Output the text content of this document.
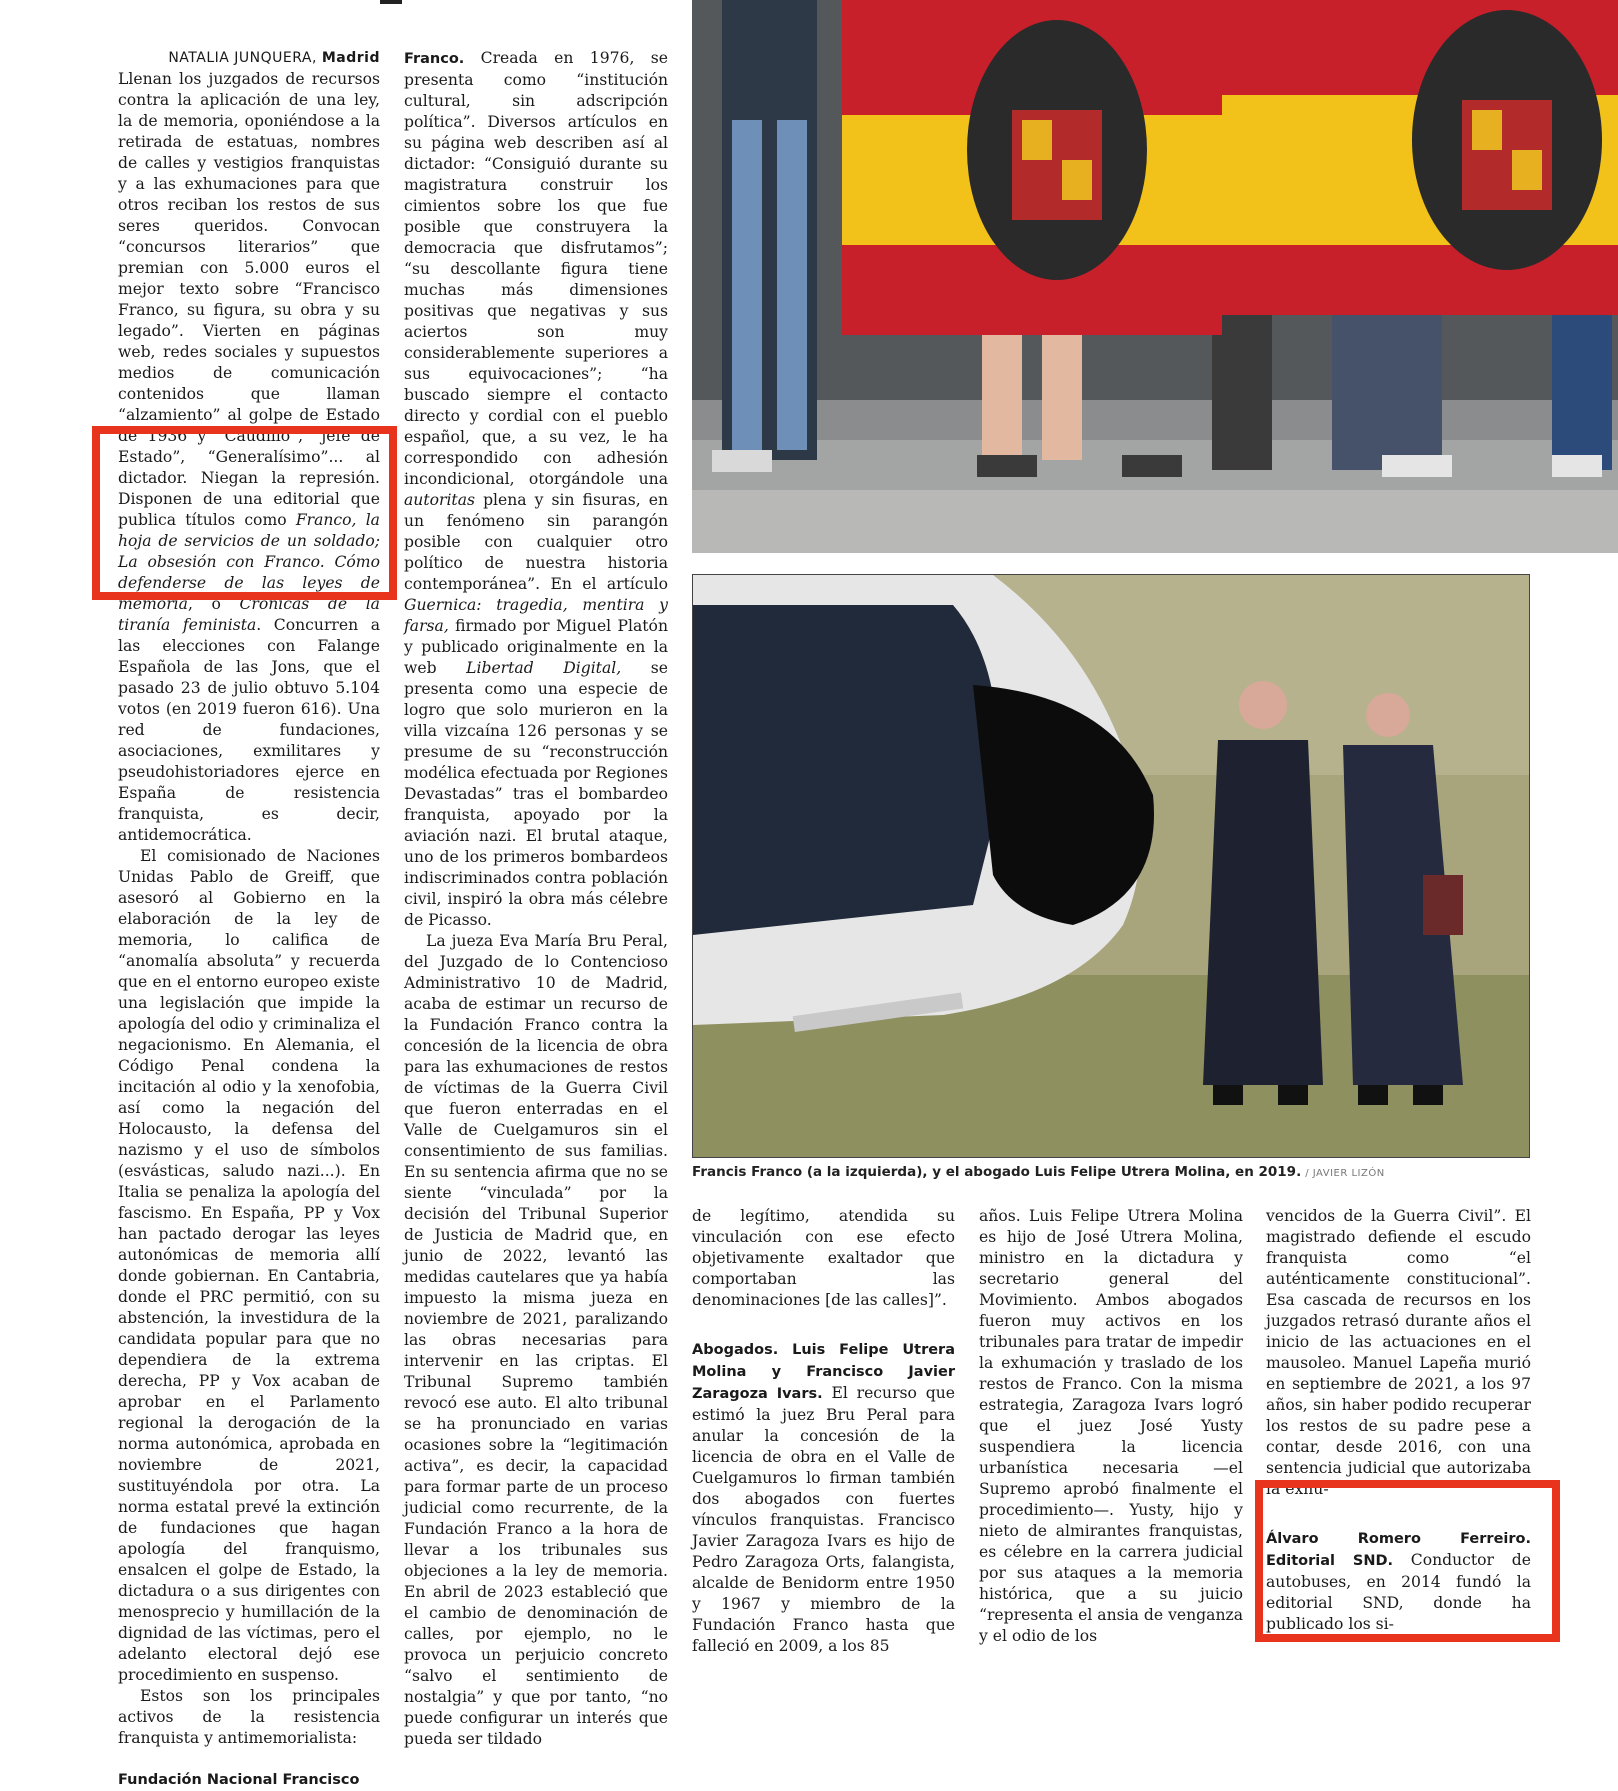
NATALIA JUNQUERA, Madrid

Llenan los juzgados de recursos contra la aplicación de una ley, la de memoria, oponiéndose a la retirada de estatuas, nombres de calles y vestigios franquistas y a las exhumaciones para que otros reciban los restos de sus seres queridos. Convocan “concursos literarios” que premian con 5.000 euros el mejor texto sobre “Francisco Franco, su figura, su obra y su legado”. Vierten en páginas web, redes sociales y supuestos medios de comunicación contenidos que llaman “alzamiento” al golpe de Estado de 1936 y “Caudillo”, “jefe de Estado”, “Generalísimo”... al dictador. Niegan la represión. Disponen de una editorial que publica títulos como Franco, la hoja de servicios de un soldado; La obsesión con Franco. Cómo defenderse de las leyes de memoria, o Crónicas de la tiranía feminista. Concurren a las elecciones con Falange Española de las Jons, que el pasado 23 de julio obtuvo 5.104 votos (en 2019 fueron 616). Una red de fundaciones, asociaciones, exmilitares y pseudohistoriadores ejerce en España de resistencia franquista, es decir, antidemocrática.

El comisionado de Naciones Unidas Pablo de Greiff, que asesoró al Gobierno en la elaboración de la ley de memoria, lo califica de “anomalía absoluta” y recuerda que en el entorno europeo existe una legislación que impide la apología del odio y criminaliza el negacionismo. En Alemania, el Código Penal condena la incitación al odio y la xenofobia, así como la negación del Holocausto, la defensa del nazismo y el uso de símbolos (esvásticas, saludo nazi...). En Italia se penaliza la apología del fascismo. En España, PP y Vox han pactado derogar las leyes autonómicas de memoria allí donde gobiernan. En Cantabria, donde el PRC permitió, con su abstención, la investidura de la candidata popular para que no dependiera de la extrema derecha, PP y Vox acaban de aprobar en el Parlamento regional la derogación de la norma autonómica, aprobada en noviembre de 2021, sustituyéndola por otra. La norma estatal prevé la extinción de fundaciones que hagan apología del franquismo, ensalcen el golpe de Estado, la dictadura o a sus dirigentes con menosprecio y humillación de la dignidad de las víctimas, pero el adelanto electoral dejó ese procedimiento en suspenso.

Estos son los principales activos de la resistencia franquista y antimemorialista:

Fundación Nacional Francisco

Franco. Creada en 1976, se presenta como “institución cultural, sin adscripción política”. Diversos artículos en su página web describen así al dictador: “Consiguió durante su magistratura construir los cimientos sobre los que fue posible que construyera la democracia que disfrutamos”; “su descollante figura tiene muchas más dimensiones positivas que negativas y sus aciertos son muy considerablemente superiores a sus equivocaciones”; “ha buscado siempre el contacto directo y cordial con el pueblo español, que, a su vez, le ha correspondido con adhesión incondicional, otorgándole una autoritas plena y sin fisuras, en un fenómeno sin parangón posible con cualquier otro político de nuestra historia contemporánea”. En el artículo Guernica: tragedia, mentira y farsa, firmado por Miguel Platón y publicado originalmente en la web Libertad Digital, se presenta como una especie de logro que solo murieron en la villa vizcaína 126 personas y se presume de su “reconstrucción modélica efectuada por Regiones Devastadas” tras el bombardeo franquista, apoyado por la aviación nazi. El brutal ataque, uno de los primeros bombardeos indiscriminados contra población civil, inspiró la obra más célebre de Picasso.

La jueza Eva María Bru Peral, del Juzgado de lo Contencioso Administrativo 10 de Madrid, acaba de estimar un recurso de la Fundación Franco contra la concesión de la licencia de obra para las exhumaciones de restos de víctimas de la Guerra Civil que fueron enterradas en el Valle de Cuelgamuros sin el consentimiento de sus familias. En su sentencia afirma que no se siente “vinculada” por la decisión del Tribunal Superior de Justicia de Madrid que, en junio de 2022, levantó las medidas cautelares que ya había impuesto la misma jueza en noviembre de 2021, paralizando las obras necesarias para intervenir en las criptas. El Tribunal Supremo también revocó ese auto. El alto tribunal se ha pronunciado en varias ocasiones sobre la “legitimación activa”, es decir, la capacidad para formar parte de un proceso judicial como recurrente, de la Fundación Franco a la hora de llevar a los tribunales sus objeciones a la ley de memoria. En abril de 2023 estableció que el cambio de denominación de calles, por ejemplo, no le provoca un perjuicio concreto “salvo el sentimiento de nostalgia” y que por tanto, “no puede configurar un interés que pueda ser tildado

Francis Franco (a la izquierda), y el abogado Luis Felipe Utrera Molina, en 2019. / JAVIER LIZÓN

de legítimo, atendida su vinculación con ese efecto objetivamente exaltador que comportaban las denominaciones [de las calles]”.

Abogados. Luis Felipe Utrera Molina y Francisco Javier Zaragoza Ivars. El recurso que estimó la juez Bru Peral para anular la concesión de la licencia de obra en el Valle de Cuelgamuros lo firman también dos abogados con fuertes vínculos franquistas. Francisco Javier Zaragoza Ivars es hijo de Pedro Zaragoza Orts, falangista, alcalde de Benidorm entre 1950 y 1967 y miembro de la Fundación Franco hasta que falleció en 2009, a los 85

años. Luis Felipe Utrera Molina es hijo de José Utrera Molina, ministro en la dictadura y secretario general del Movimiento. Ambos abogados fueron muy activos en los tribunales para tratar de impedir la exhumación y traslado de los restos de Franco. Con la misma estrategia, Zaragoza Ivars logró que el juez José Yusty suspendiera la licencia urbanística necesaria —el Supremo aprobó finalmente el procedimiento—. Yusty, hijo y nieto de almirantes franquistas, es célebre en la carrera judicial por sus ataques a la memoria histórica, que a su juicio “representa el ansia de venganza y el odio de los

vencidos de la Guerra Civil”. El magistrado defiende el escudo franquista como “el auténticamente constitucional”. Esa cascada de recursos en los juzgados retrasó durante años el inicio de las actuaciones en el mausoleo. Manuel Lapeña murió en septiembre de 2021, a los 97 años, sin haber podido recuperar los restos de su padre pese a contar, desde 2016, con una sentencia judicial que autorizaba la exhu-

Álvaro Romero Ferreiro. Editorial SND. Conductor de autobuses, en 2014 fundó la editorial SND, donde ha publicado los si-
